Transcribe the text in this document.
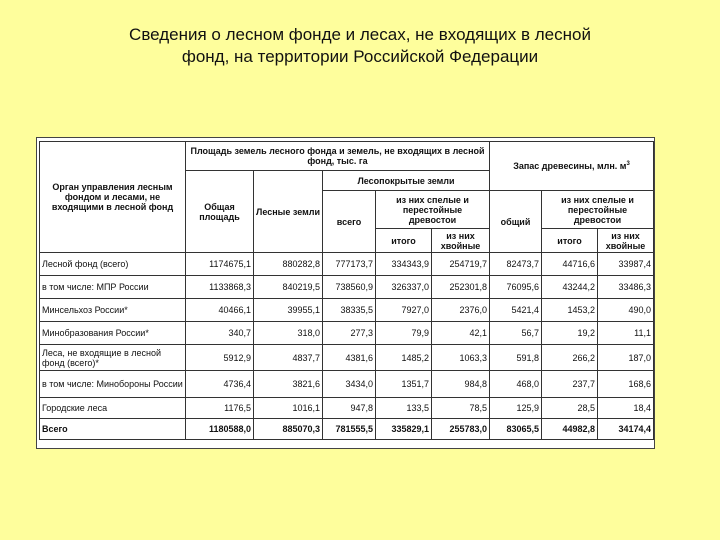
Сведения о лесном фонде и лесах, не входящих в лесной
фонд, на территории Российской Федерации
Орган управления лесным фондом и лесами, не входящими в лесной фонд	Площадь земель лесного фонда и земель, не входящих в лесной фонд, тыс. га					Запас древесины, млн. $м^3$
	Общая площадь	Лесные земли	Лесопокрытые земли					
			всего	из них спелые и перестойные древостои		общий	из них спелые и перестойные древостои	
				итого	из них хвойные		итого	из них хвойные
Лесной фонд (всего)	1174675,1	880282,8	777173,7	334343,9	254719,7	82473,7	44716,6	33987,4
в том числе: МПР России	1133868,3	840219,5	738560,9	326337,0	252301,8	76095,6	43244,2	33486,3
Минсельхоз России*	40466,1	39955,1	38335,5	7927,0	2376,0	5421,4	1453,2	490,0
Минобразования России*	340,7	318,0	277,3	79,9	42,1	56,7	19,2	11,1
Леса, не входящие в лесной фонд (всего)*	5912,9	4837,7	4381,6	1485,2	1063,3	591,8	266,2	187,0
в том числе: Минобороны России	4736,4	3821,6	3434,0	1351,7	984,8	468,0	237,7	168,6
Городские леса	1176,5	1016,1	947,8	133,5	78,5	125,9	28,5	18,4
Всего	1180588,0	885070,3	781555,5	335829,1	255783,0	83065,5	44982,8	34174,4
